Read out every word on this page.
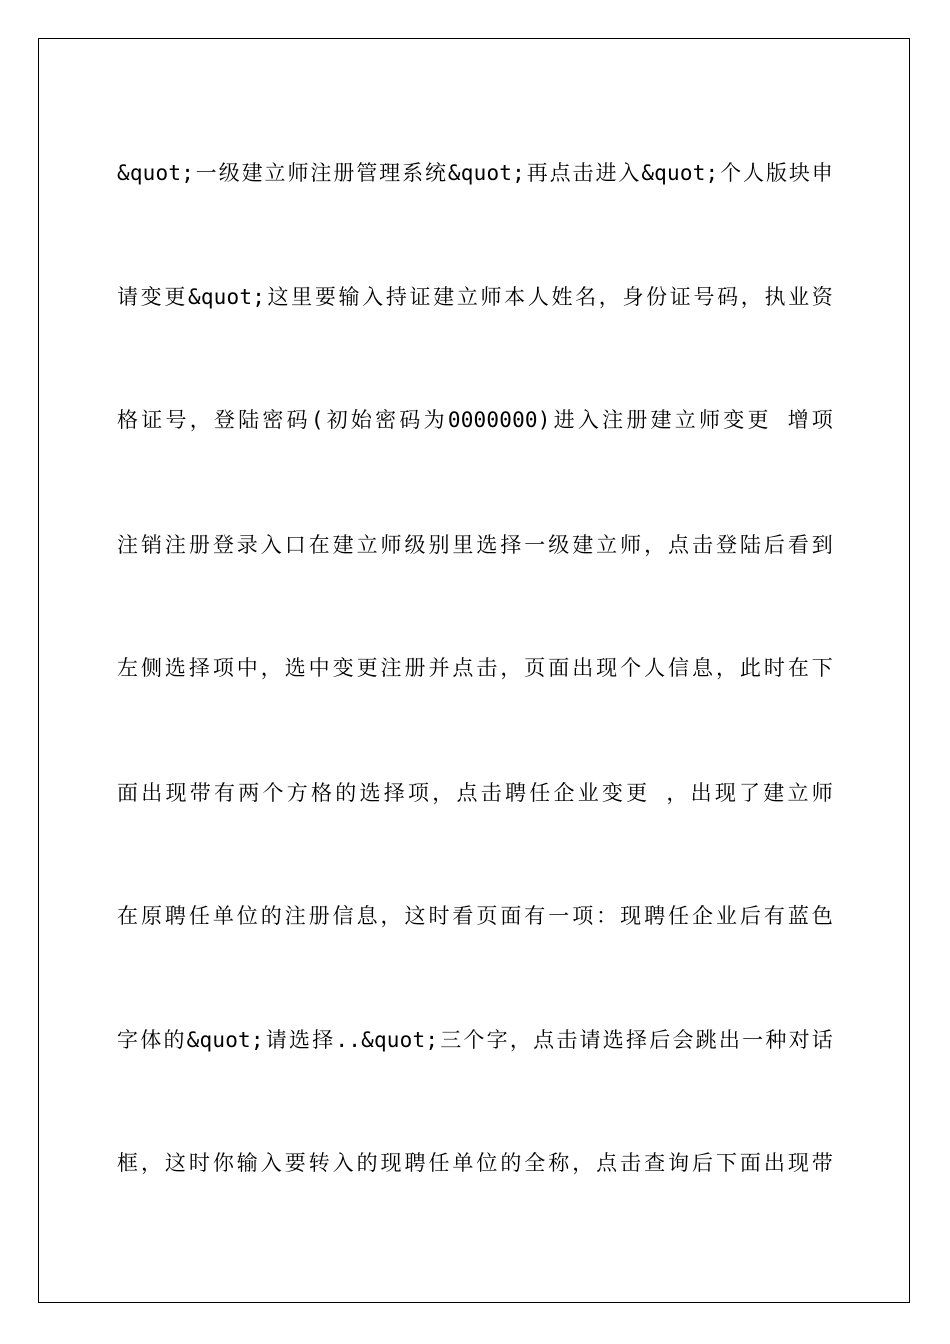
&quot;一级建立师注册管理系统&quot;再点击进入&quot;个人版块申

请变更&quot;这里要输入持证建立师本人姓名，身份证号码，执业资

格证号，登陆密码(初始密码为0000000)进入注册建立师变更 增项

注销注册登录入口在建立师级别里选择一级建立师，点击登陆后看到

左侧选择项中，选中变更注册并点击，页面出现个人信息，此时在下

面出现带有两个方格的选择项，点击聘任企业变更 ，出现了建立师

在原聘任单位的注册信息，这时看页面有一项：现聘任企业后有蓝色

字体的&quot;请选择..&quot;三个字，点击请选择后会跳出一种对话

框，这时你输入要转入的现聘任单位的全称，点击查询后下面出现带
